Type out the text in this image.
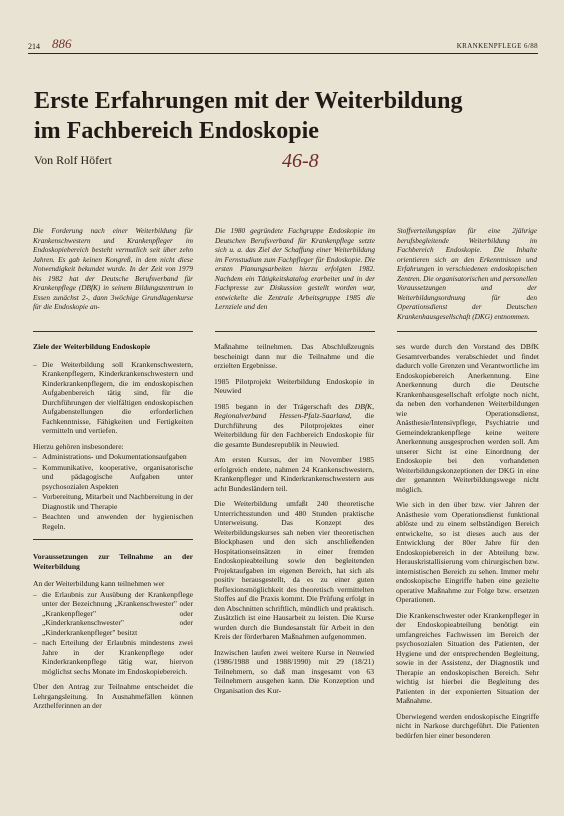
214 886	KRANKENPFLEGE 6/88
Erste Erfahrungen mit der Weiterbildung
im Fachbereich Endoskopie
Von Rolf Höfert	46-8

Die Forderung nach einer Weiterbildung für Krankenschwestern und Krankenpfleger im Endoskopiebereich besteht vermutlich seit über zehn Jahren. Es gab keinen Kongreß, in dem nicht diese Notwendigkeit bekundet wurde. In der Zeit von 1979 bis 1982 hat der Deutsche Berufsverband für Krankenpflege (DBfK) in seinem Bildungszentrum in Essen zunächst 2-, dann 3wöchige Grundlagenkurse für die Endoskopie an-

Die 1980 gegründete Fachgruppe Endoskopie im Deutschen Berufsverband für Krankenpflege setzte sich u. a. das Ziel der Schaffung einer Weiterbildung im Fernstudium zum Fachpfleger für Endoskopie. Die ersten Planungsarbeiten hierzu erfolgten 1982. Nachdem ein Tätigkeitskatalog erarbeitet und in der Fachpresse zur Diskussion gestellt worden war, entwickelte die Zentrale Arbeitsgruppe 1985 die Lernziele und den

Stoffverteilungsplan für eine 2jährige berufsbegleitende Weiterbildung im Fachbereich Endoskopie. Die Inhalte orientieren sich an den Erkenntnissen und Erfahrungen in verschiedenen endoskopischen Zentren. Die organisatorischen und personellen Voraussetzungen und der Weiterbildungsordnung für den Operationsdienst der Deutschen Krankenhausgesellschaft (DKG) entnommen.

Ziele der Weiterbildung Endoskopie
– Die Weiterbildung soll Krankenschwestern, Krankenpflegern, Kinderkrankenschwestern und Kinderkrankenpflegern, die im endoskopischen Aufgabenbereich tätig sind, für die Durchführungen der vielfältigen endoskopischen Aufgabenstellungen die erforderlichen Fachkenntnisse, Fähigkeiten und Fertigkeiten vermitteln und vertiefen.

Hierzu gehören insbesondere:

– Administrations- und Dokumentationsaufgaben
– Kommunikative, kooperative, organisatorische und pädagogische Aufgaben unter psychosozialen Aspekten
– Vorbereitung, Mitarbeit und Nachbereitung in der Diagnostik und Therapie
– Beachten und anwenden der hygienischen Regeln.
Voraussetzungen zur Teilnahme an der Weiterbildung

An der Weiterbildung kann teilnehmen wer

– die Erlaubnis zur Ausübung der Krankenpflege unter der Bezeichnung „Krankenschwester" oder „Krankenpfleger" oder „Kinderkrankenschwester" oder „Kinderkrankenpfleger" besitzt
– nach Erteilung der Erlaubnis mindestens zwei Jahre in der Krankenpflege oder Kinderkrankenpflege tätig war, hiervon möglichst sechs Monate im Endoskopiebereich.

Über den Antrag zur Teilnahme entscheidet die Lehrgangsleitung. In Ausnahmefällen können Arzthelferinnen an der

Maßnahme teilnehmen. Das Abschlußzeugnis bescheinigt dann nur die Teilnahme und die erzielten Ergebnisse.

1985 Pilotprojekt Weiterbildung Endoskopie in Neuwied

1985 begann in der Trägerschaft des DBfK, Regionalverband Hessen-Pfalz-Saarland, die Durchführung des Pilotprojektes einer Weiterbildung für den Fachbereich Endoskopie für die gesamte Bundesrepublik in Neuwied.

Am ersten Kursus, der im November 1985 erfolgreich endete, nahmen 24 Krankenschwestern, Krankenpfleger und Kinderkrankenschwestern aus acht Bundesländern teil.

Die Weiterbildung umfaßt 240 theoretische Unterrichtsstunden und 480 Stunden praktische Unterweisung. Das Konzept des Weiterbildungskurses sah neben vier theoretischen Blockphasen und den sich anschließenden Hospitationseinsätzen in einer fremden Endoskopieabteilung sowie den begleitenden Projektaufgaben im eigenen Bereich, hat sich als positiv herausgestellt, da es zu einer guten Reflexionsmöglichkeit des theoretisch vermittelten Stoffes auf die Praxis kommt. Die Prüfung erfolgt in den Abschnitten schriftlich, mündlich und praktisch. Zusätzlich ist eine Hausarbeit zu leisten. Die Kurse wurden durch die Bundesanstalt für Arbeit in den Kreis der förderbaren Maßnahmen aufgenommen.

Inzwischen laufen zwei weitere Kurse in Neuwied (1986/1988 und 1988/1990) mit 29 (18/21) Teilnehmern, so daß man insgesamt von 63 Teilnehmern ausgehen kann. Die Konzeption und Organisation des Kur-

ses wurde durch den Vorstand des DBfK Gesamtverbandes verabschiedet und findet dadurch volle Grenzen und Verantwortliche im Endoskopiebereich Anerkennung. Eine Anerkennung durch die Deutsche Krankenhausgesellschaft erfolgte noch nicht, da neben den vorhandenen Weiterbildungen wie Operationsdienst, Anästhesie/Intensivpflege, Psychiatrie und Gemeindekrankenpflege keine weitere Anerkennung ausgesprochen werden soll. Am unserer Sicht ist eine Einordnung der Endoskopie bei den vorhandenen Weiterbildungskonzeptionen der DKG in eine der genannten Weiterbildungswege nicht möglich.

Wie sich in den über bzw. vier Jahren der Anästhesie vom Operationsdienst funktional ablöste und zu einem selbständigen Bereich entwickelte, so ist dieses auch aus der Entwicklung der 80er Jahre für den Endoskopiebereich in der Abteilung bzw. Herauskristallisierung vom chirurgischen bzw. internistischen Bereich zu sehen. Immer mehr endoskopische Eingriffe haben eine gezielte operative Maßnahme zur Folge bzw. ersetzen Operationen.

Die Krankenschwester oder Krankenpfleger in der Endoskopieabteilung benötigt ein umfangreiches Fachwissen im Bereich der psychosozialen Situation des Patienten, der Hygiene und der entsprechenden Begleitung, sowie in der Assistenz, der Diagnostik und Therapie an endoskopischen Bereich. Sehr wichtig ist hierbei die Begleitung des Patienten in der exponierten Situation der Maßnahme.

Überwiegend werden endoskopische Eingriffe nicht in Narkose durchgeführt. Die Patienten bedürfen hier einer besonderen
